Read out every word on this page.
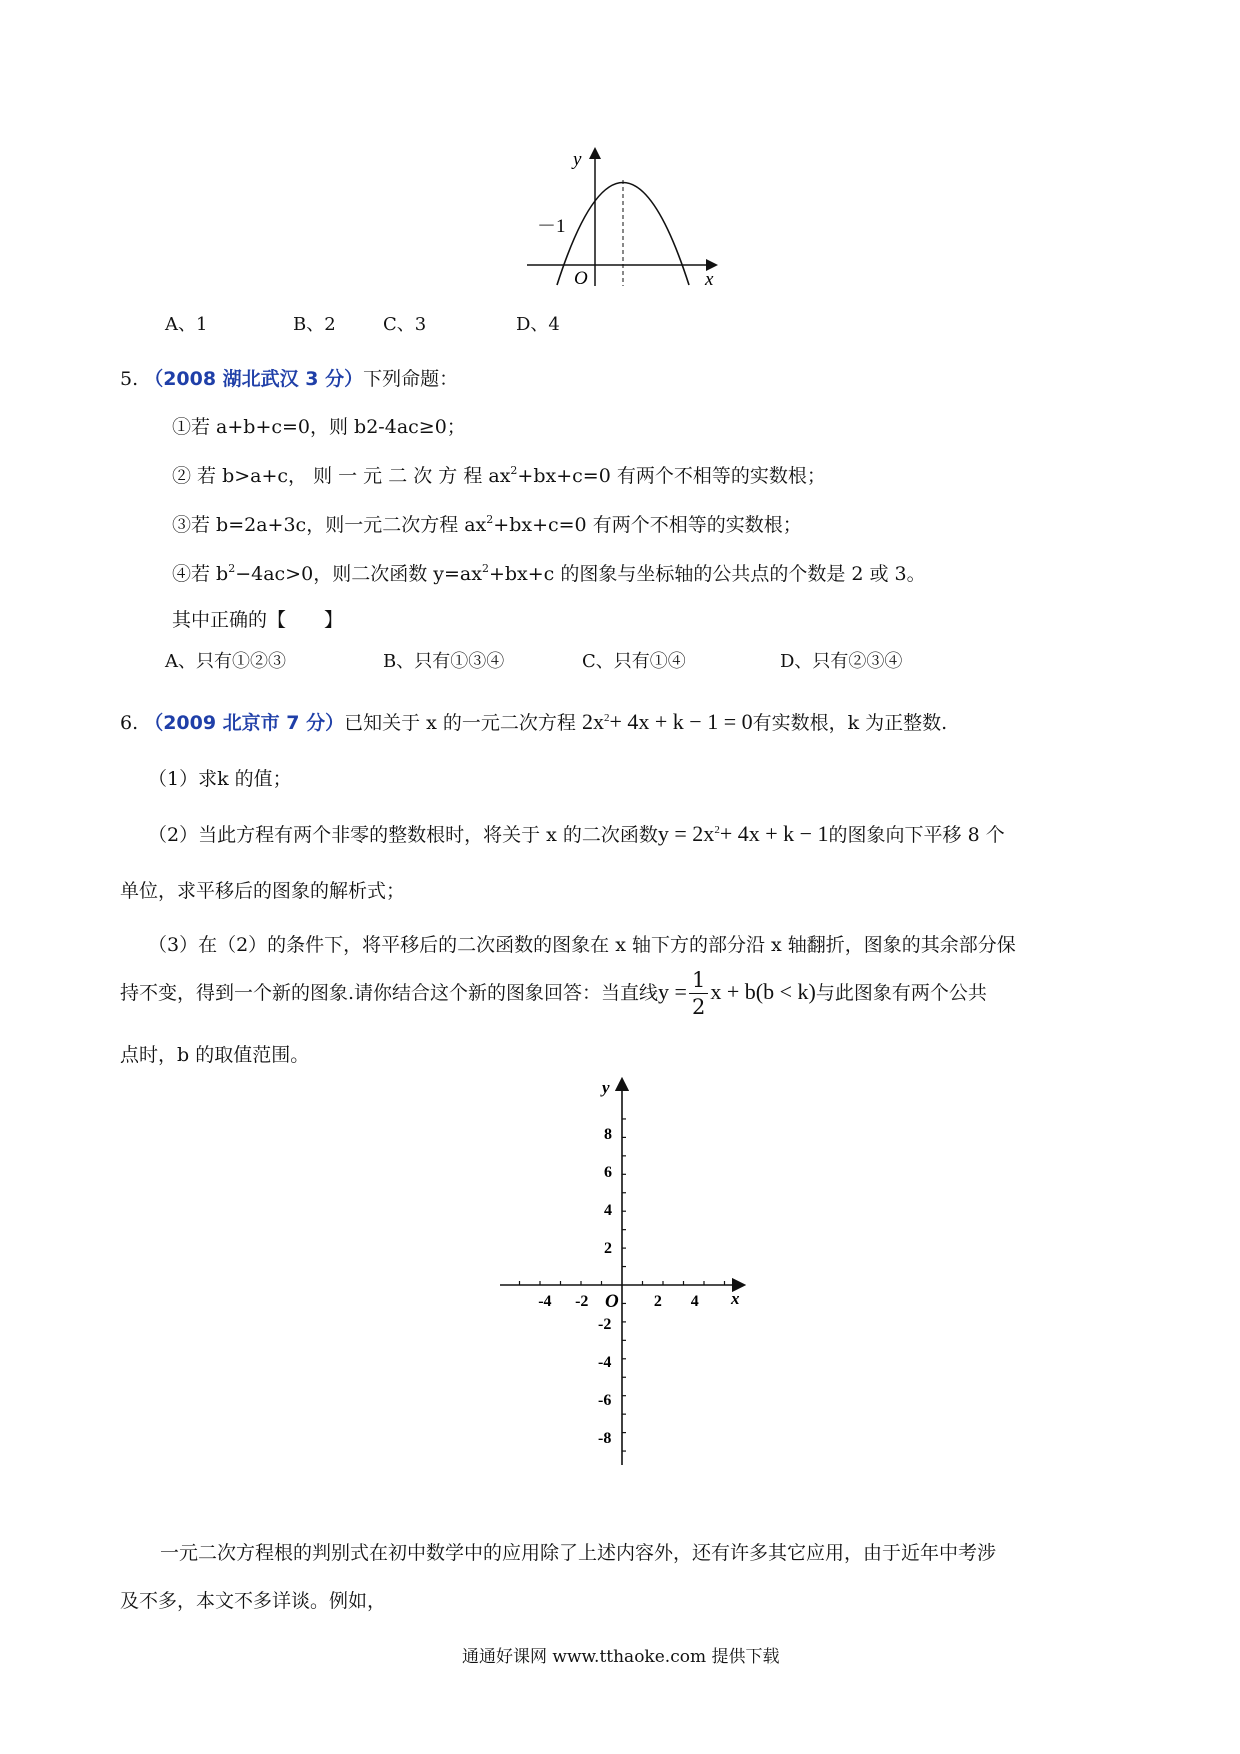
y
x
O
－1
A、1	B、2	C、3	D、4
5. （2008 湖北武汉 3 分）下列命题：
①若 a+b+c=0，则 b2-4ac≥0；
② 若 b>a+c， 则 一 元 二 次 方 程 $ax^2+bx+c=0$ 有两个不相等的实数根；
③若 b=2a+3c，则一元二次方程 $ax^2+bx+c=0$ 有两个不相等的实数根；
④若 $b^2-4ac>0$，则二次函数 $y=ax^2+bx+c$ 的图象与坐标轴的公共点的个数是 2 或 3。
其中正确的【　　】
A、只有①②③	B、只有①③④	C、只有①④	D、只有②③④
6. （2009 北京市 7 分）已知关于 x 的一元二次方程 $2x^2+ 4x + k - 1 = 0$有实数根，k 为正整数.
（1）求k 的值；
（2）当此方程有两个非零的整数根时，将关于 x 的二次函数$y = 2x^2+ 4x + k - 1$的图象向下平移 8 个
单位，求平移后的图象的解析式；
（3）在（2）的条件下，将平移后的二次函数的图象在 x 轴下方的部分沿 x 轴翻折，图象的其余部分保
持不变，得到一个新的图象.请你结合这个新的图象回答：当直线$y = \frac{1}{2}$ x + b(b < k)与此图象有两个公共
点时，b 的取值范围。
-4 -2	2 4
8
6
4
2
-2
-4
-6
-8
y
x
O
一元二次方程根的判别式在初中数学中的应用除了上述内容外，还有许多其它应用，由于近年中考涉
及不多，本文不多详谈。例如，
通通好课网 www.tthaoke.com 提供下载
